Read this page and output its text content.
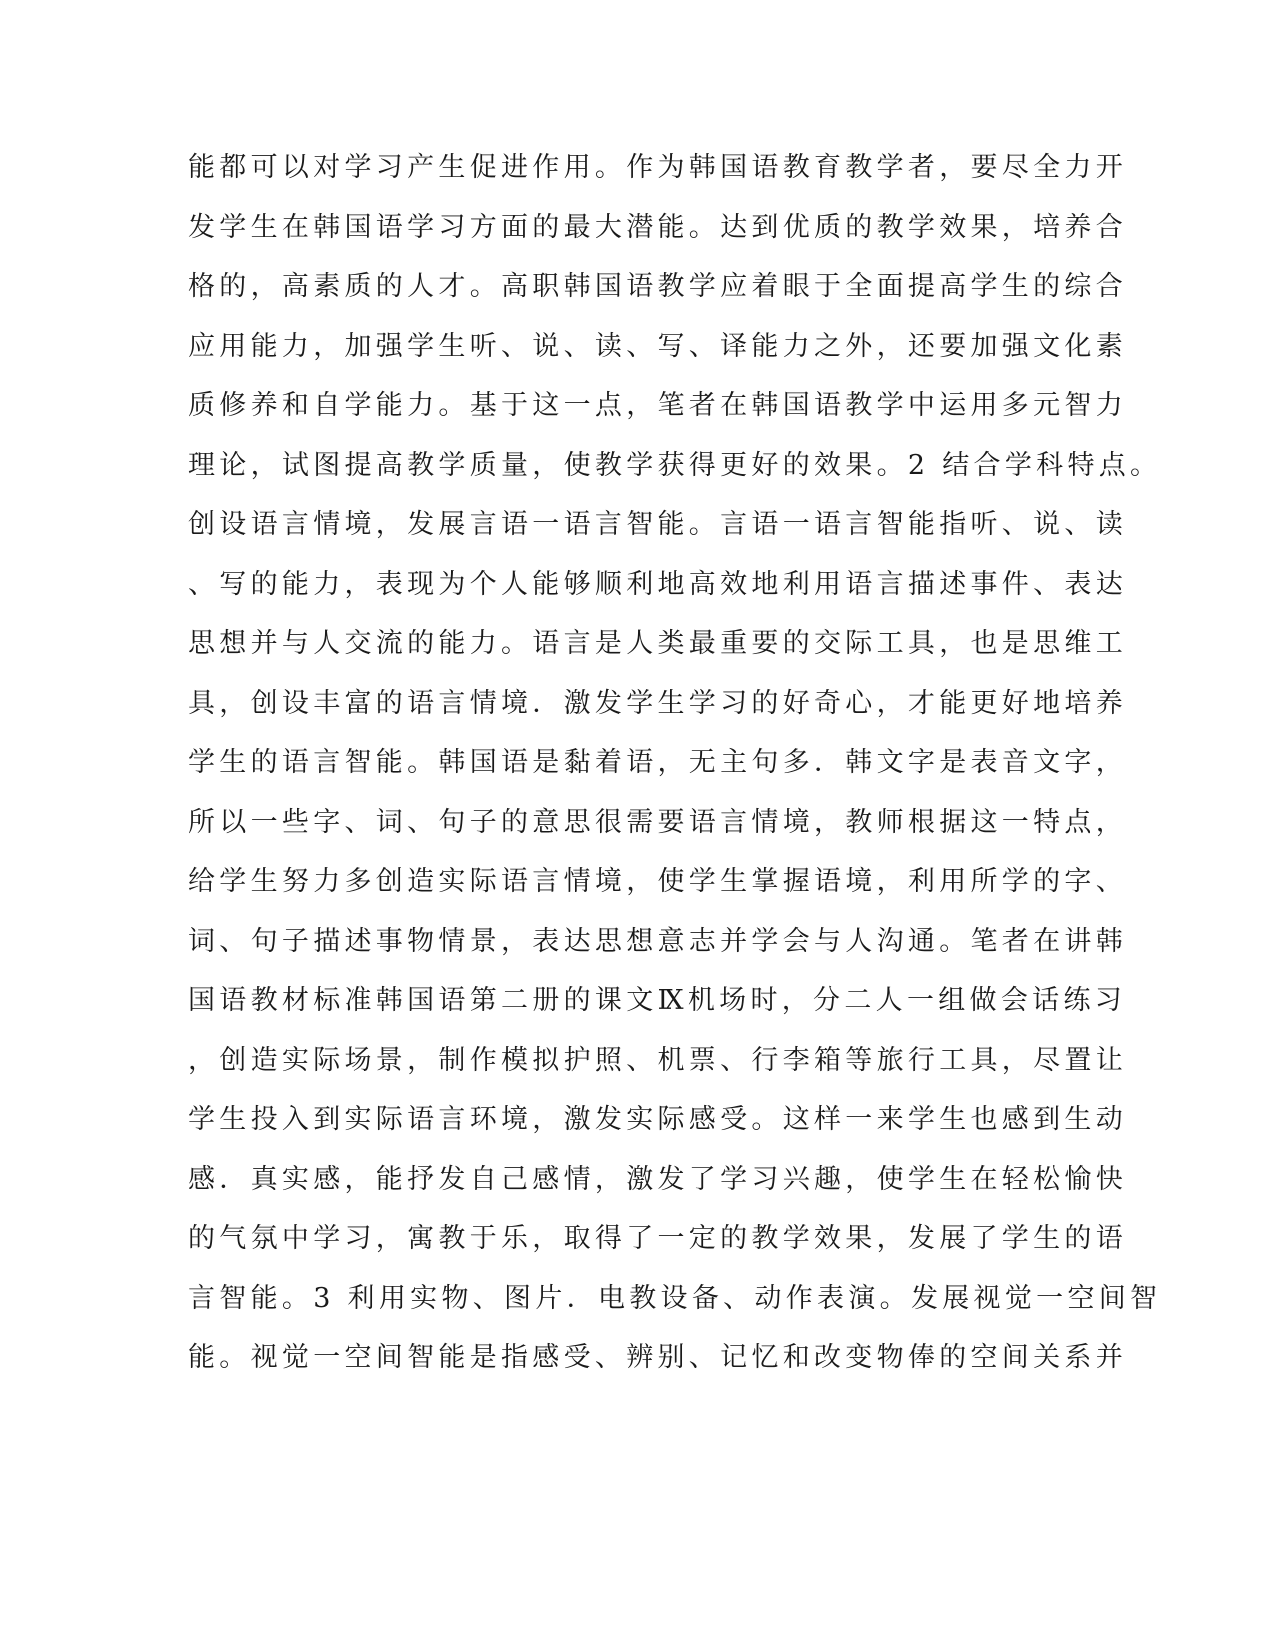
能都可以对学习产生促进作用。作为韩国语教育教学者，要尽全力开
发学生在韩国语学习方面的最大潜能。达到优质的教学效果，培养合
格的，高素质的人才。高职韩国语教学应着眼于全面提高学生的综合
应用能力，加强学生听、说、读、写、译能力之外，还要加强文化素
质修养和自学能力。基于这一点，笔者在韩国语教学中运用多元智力
理论，试图提高教学质量，使教学获得更好的效果。2 结合学科特点。
创设语言情境，发展言语一语言智能。言语一语言智能指听、说、读
、写的能力，表现为个人能够顺利地高效地利用语言描述事件、表达
思想并与人交流的能力。语言是人类最重要的交际工具，也是思维工
具，创设丰富的语言情境．激发学生学习的好奇心，才能更好地培养
学生的语言智能。韩国语是黏着语，无主句多．韩文字是表音文字，
所以一些字、词、句子的意思很需要语言情境，教师根据这一特点，
给学生努力多创造实际语言情境，使学生掌握语境，利用所学的字、
词、句子描述事物情景，表达思想意志并学会与人沟通。笔者在讲韩
国语教材标准韩国语第二册的课文Ⅸ机场时，分二人一组做会话练习
，创造实际场景，制作模拟护照、机票、行李箱等旅行工具，尽置让
学生投入到实际语言环境，激发实际感受。这样一来学生也感到生动
感．真实感，能抒发自己感情，激发了学习兴趣，使学生在轻松愉快
的气氛中学习，寓教于乐，取得了一定的教学效果，发展了学生的语
言智能。3 利用实物、图片．电教设备、动作表演。发展视觉一空间智
能。视觉一空间智能是指感受、辨别、记忆和改变物俸的空间关系并
